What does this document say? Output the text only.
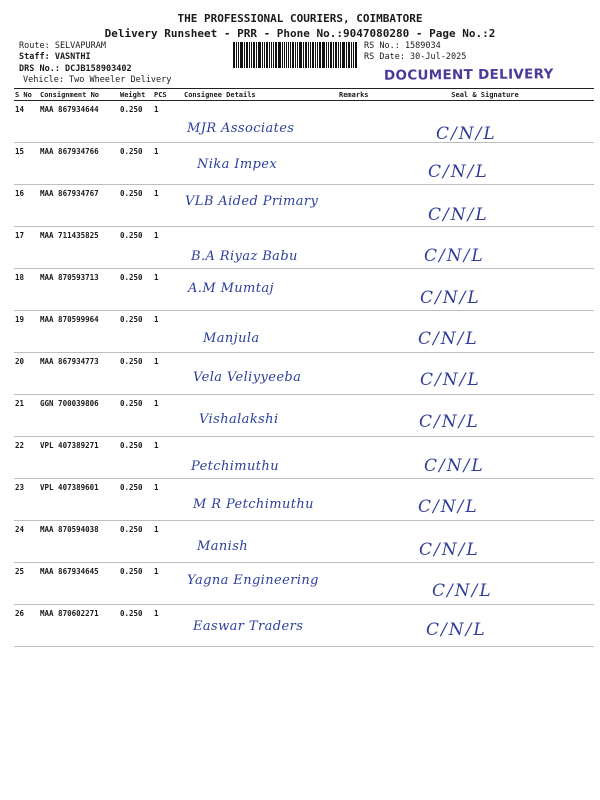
THE PROFESSIONAL COURIERS, COIMBATORE
Delivery Runsheet - PRR - Phone No.:9047080280 - Page No.:2
Route: SELVAPURAM
Staff: VASNTHI
DRS No.: DCJB158903402
Vehicle: Two Wheeler Delivery
RS No.: 1589034
RS Date: 30-Jul-2025
DOCUMENT DELIVERY
S No	Consignment No	Weight	PCS	Consignee Details	Remarks	Seal & Signature
14	MAA 867934644	0.250	1	MJR Associates		C/N/L

15	MAA 867934766	0.250	1	Nika Impex		C/N/L

16	MAA 867934767	0.250	1	VLB Aided Primary		C/N/L

17	MAA 711435825	0.250	1	B.A Riyaz Babu		C/N/L

18	MAA 870593713	0.250	1	A.M Mumtaj		C/N/L

19	MAA 870599964	0.250	1	Manjula		C/N/L

20	MAA 867934773	0.250	1	Vela Veliyyeeba		C/N/L

21	GGN 700039806	0.250	1	Vishalakshi		C/N/L

22	VPL 407389271	0.250	1	Petchimuthu		C/N/L

23	VPL 407389601	0.250	1	M R Petchimuthu		C/N/L

24	MAA 870594038	0.250	1	Manish		C/N/L

25	MAA 867934645	0.250	1	Yagna Engineering		C/N/L

26	MAA 870602271	0.250	1	Easwar Traders		C/N/L
